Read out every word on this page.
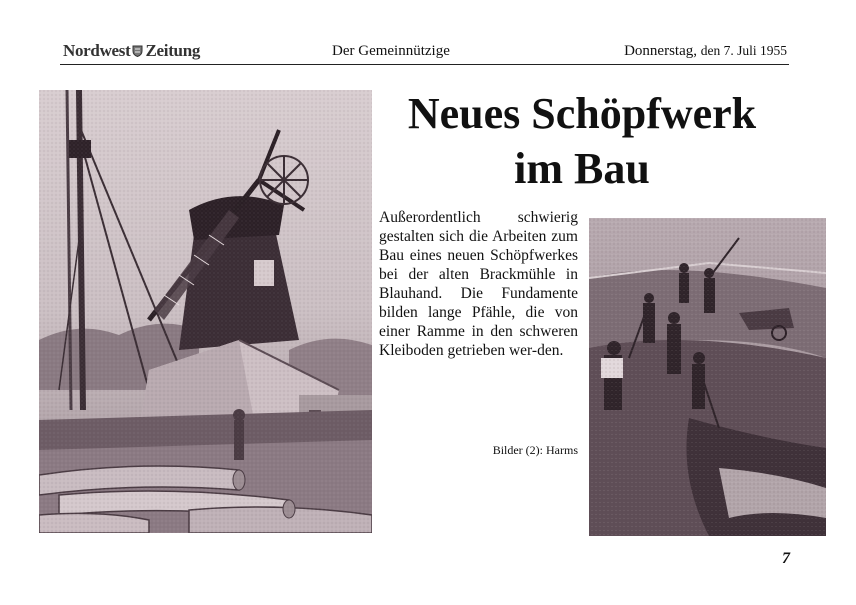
Nordwest Zeitung	Der Gemeinnützige	Donnerstag, den 7. Juli 1955
Neues Schöpfwerk
im Bau
Außerordentlich schwierig gestalten sich die Arbeiten zum Bau eines neuen Schöpfwerkes bei der alten Brackmühle in Blauhand. Die Fundamente bilden lange Pfähle, die von einer Ramme in den schweren Kleiboden getrieben wer-den.
Bilder (2): Harms
7
